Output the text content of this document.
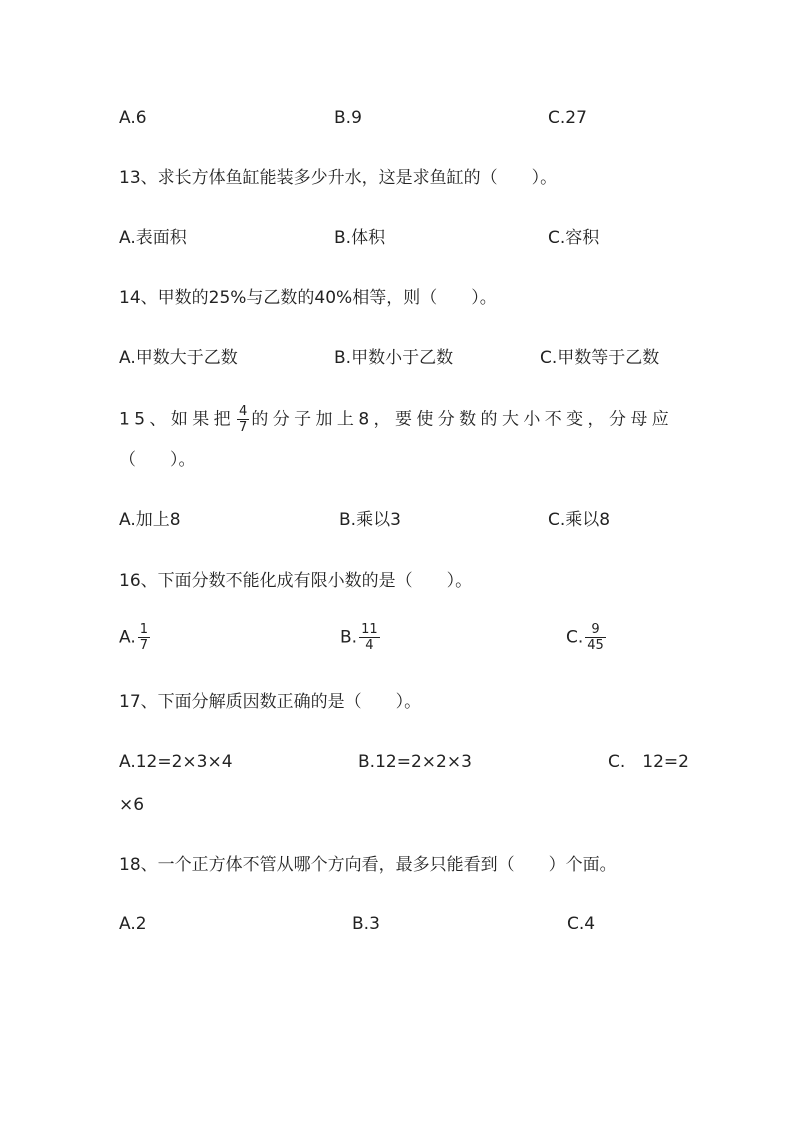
A.6	B.9	C.27
13、求长方体鱼缸能装多少升水，这是求鱼缸的（　　）。
A.表面积	B.体积	C.容积
14、甲数的25%与乙数的40%相等，则（　　）。
A.甲数大于乙数	B.甲数小于乙数	C.甲数等于乙数
15、如果把 $\frac{4}{7}$ 的分子加上8，要使分数的大小不变，分母应
（　　）。
A.加上8	B.乘以3	C.乘以8
16、下面分数不能化成有限小数的是（　　）。
A. $\frac{1}{7}$	B. $\frac{11}{4}$	C. $\frac{9}{45}$
17、下面分解质因数正确的是（　　）。
A.12=2×3×4	B.12=2×2×3	C.　12=2
×6
18、一个正方体不管从哪个方向看，最多只能看到（　　）个面。
A.2	B.3	C.4
